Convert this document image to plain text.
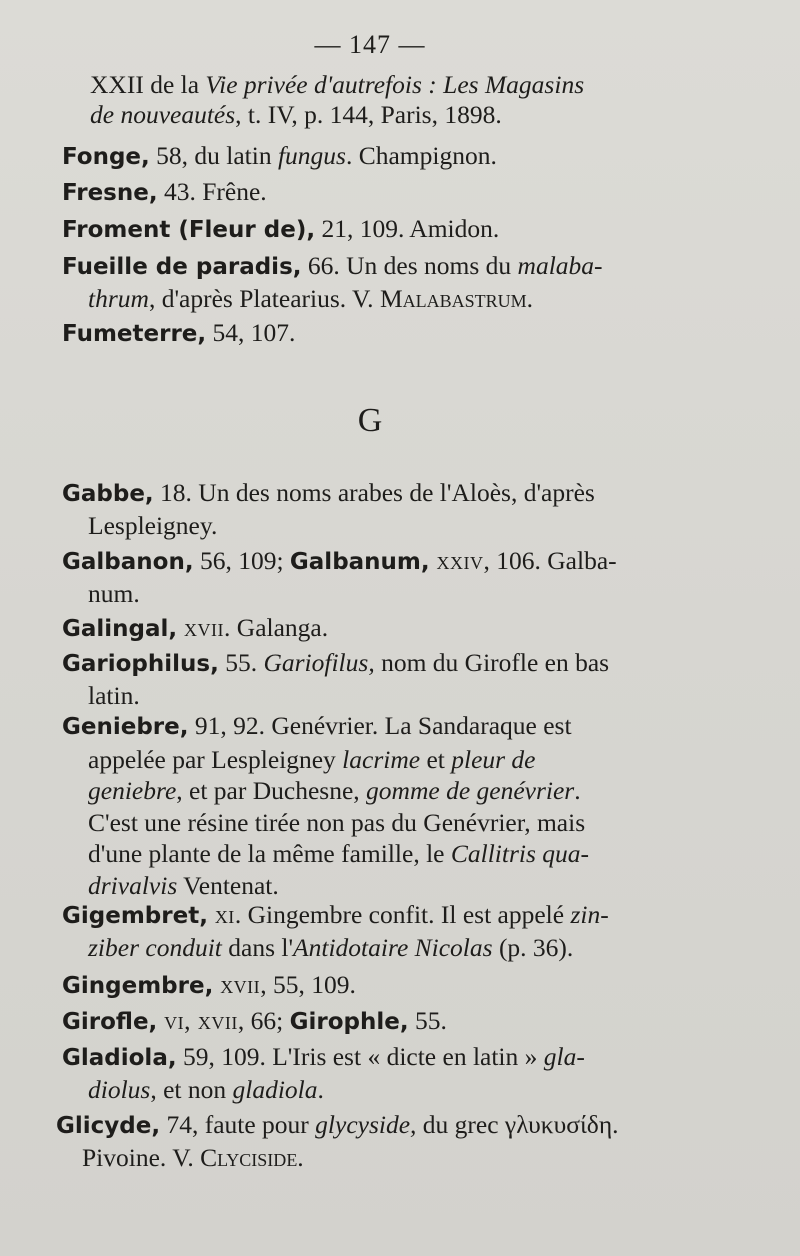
— 147 —
XXII de la Vie privée d'autrefois : Les Magasins
de nouveautés, t. IV, p. 144, Paris, 1898.
Fonge, 58, du latin fungus. Champignon.
Fresne, 43. Frêne.
Froment (Fleur de), 21, 109. Amidon.
Fueille de paradis, 66. Un des noms du malaba-
thrum, d'après Platearius. V. Malabastrum.
Fumeterre, 54, 107.
G
Gabbe, 18. Un des noms arabes de l'Aloès, d'après
Lespleigney.
Galbanon, 56, 109; Galbanum, xxiv, 106. Galba-
num.
Galingal, xvii. Galanga.
Gariophilus, 55. Gariofilus, nom du Girofle en bas
latin.
Geniebre, 91, 92. Genévrier. La Sandaraque est
appelée par Lespleigney lacrime et pleur de
geniebre, et par Duchesne, gomme de genévrier.
C'est une résine tirée non pas du Genévrier, mais
d'une plante de la même famille, le Callitris qua-
drivalvis Ventenat.
Gigembret, xi. Gingembre confit. Il est appelé zin-
ziber conduit dans l'Antidotaire Nicolas (p. 36).
Gingembre, xvii, 55, 109.
Girofle, vi, xvii, 66; Girophle, 55.
Gladiola, 59, 109. L'Iris est « dicte en latin » gla-
diolus, et non gladiola.
Glicyde, 74, faute pour glycyside, du grec γλυκυσίδη.
Pivoine. V. Clyciside.
